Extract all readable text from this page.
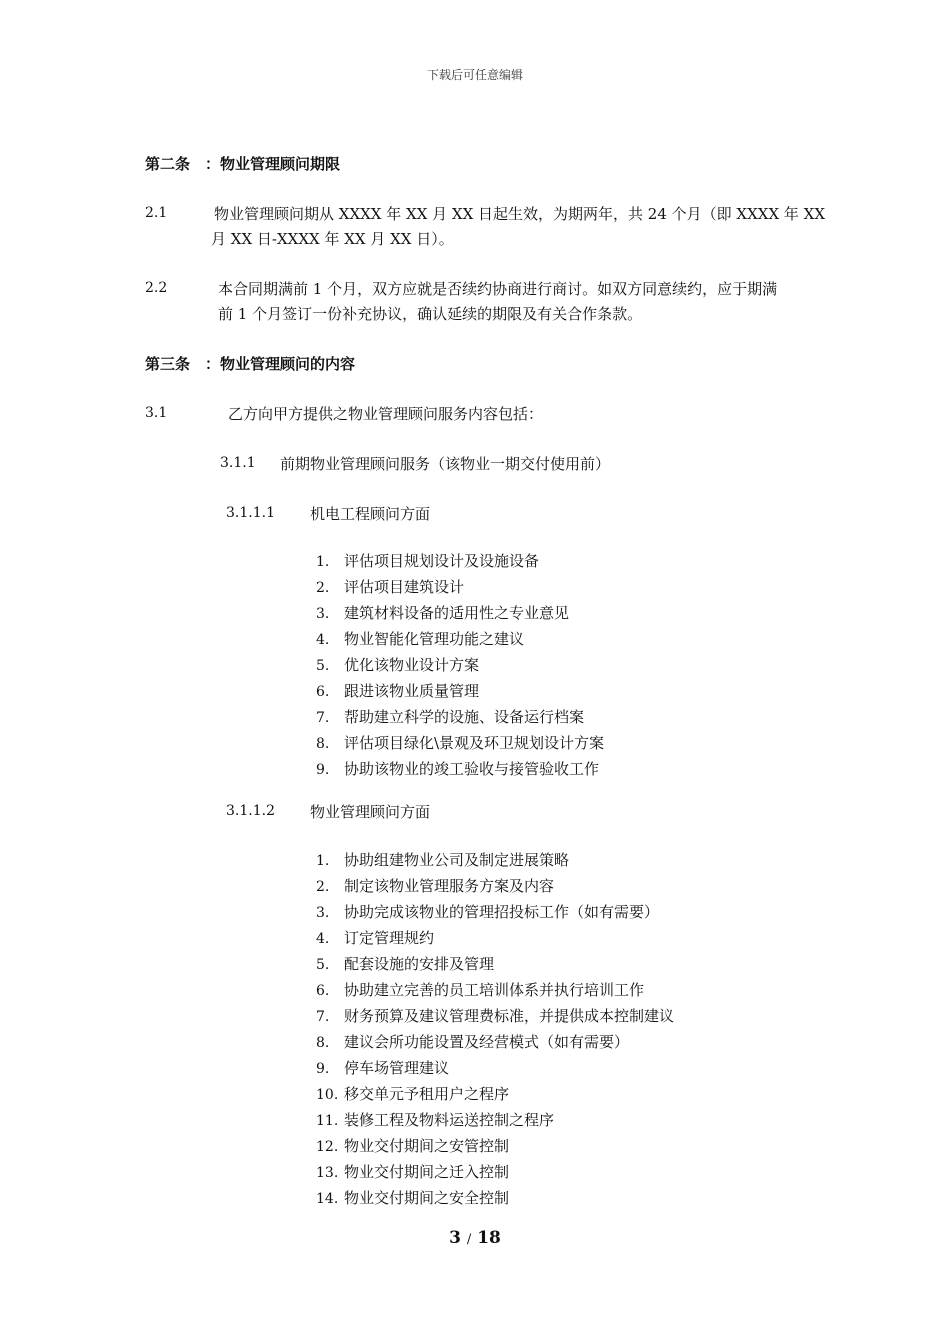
下载后可任意编辑
第二条　：物业管理顾问期限
2.1	物业管理顾问期从 XXXX 年 XX 月 XX 日起生效，为期两年，共 24 个月（即 XXXX 年 XX
月 XX 日-XXXX 年 XX 月 XX 日）。
2.2	本合同期满前 1 个月，双方应就是否续约协商进行商讨。如双方同意续约，应于期满
前 1 个月签订一份补充协议，确认延续的期限及有关合作条款。
第三条　：物业管理顾问的内容
3.1	乙方向甲方提供之物业管理顾问服务内容包括：
3.1.1 前期物业管理顾问服务（该物业一期交付使用前）
3.1.1.1 机电工程顾问方面
1. 评估项目规划设计及设施设备
2. 评估项目建筑设计
3. 建筑材料设备的适用性之专业意见
4. 物业智能化管理功能之建议
5. 优化该物业设计方案
6. 跟进该物业质量管理
7. 帮助建立科学的设施、设备运行档案
8. 评估项目绿化\景观及环卫规划设计方案
9. 协助该物业的竣工验收与接管验收工作
3.1.1.2 物业管理顾问方面
1. 协助组建物业公司及制定进展策略
2. 制定该物业管理服务方案及内容
3. 协助完成该物业的管理招投标工作（如有需要）
4. 订定管理规约
5. 配套设施的安排及管理
6. 协助建立完善的员工培训体系并执行培训工作
7. 财务预算及建议管理费标准，并提供成本控制建议
8. 建议会所功能设置及经营模式（如有需要）
9. 停车场管理建议
10. 移交单元予租用户之程序
11. 装修工程及物料运送控制之程序
12. 物业交付期间之安管控制
13. 物业交付期间之迁入控制
14. 物业交付期间之安全控制
3 / 18
